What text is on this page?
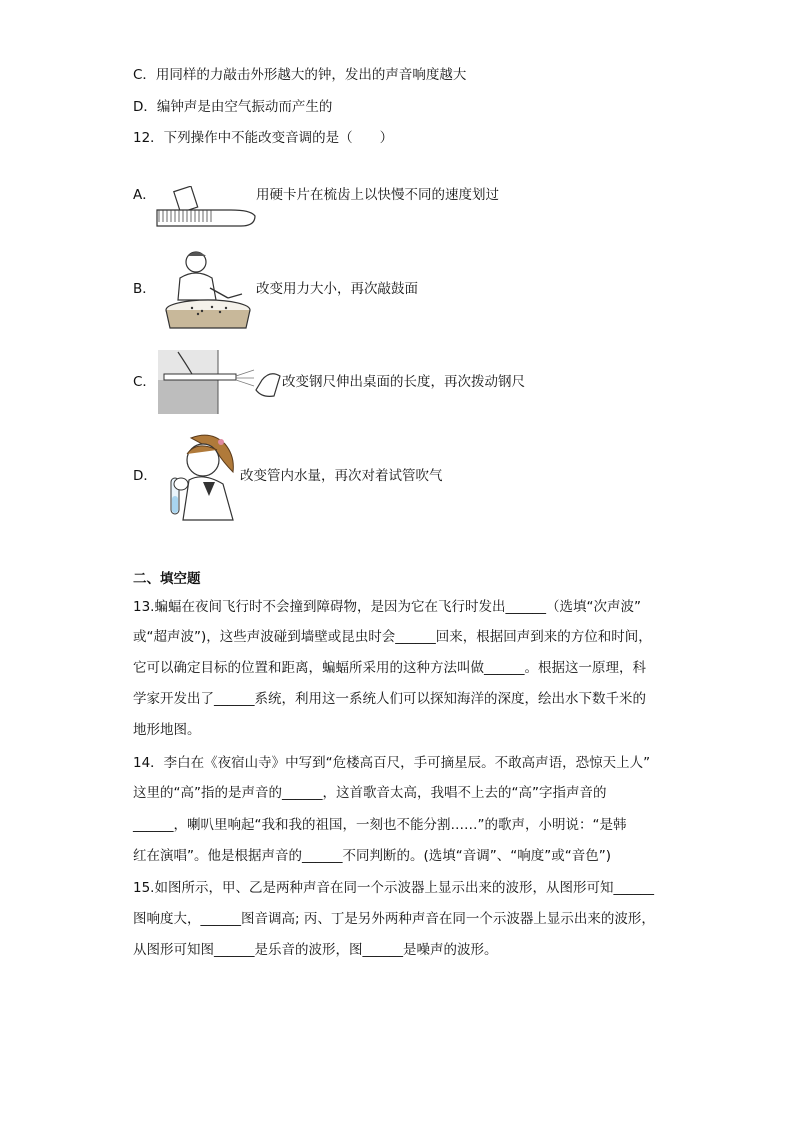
C．用同样的力敲击外形越大的钟，发出的声音响度越大
D．编钟声是由空气振动而产生的
12．下列操作中不能改变音调的是（　　）
A．	用硬卡片在梳齿上以快慢不同的速度划过
B．	改变用力大小，再次敲鼓面
C．	改变钢尺伸出桌面的长度，再次拨动钢尺
D．	改变管内水量，再次对着试管吹气
二、填空题
13.蝙蝠在夜间飞行时不会撞到障碍物，是因为它在飞行时发出______（选填“次声波”
或“超声波”)，这些声波碰到墙壁或昆虫时会______回来，根据回声到来的方位和时间，
它可以确定目标的位置和距离，蝙蝠所采用的这种方法叫做______。根据这一原理，科
学家开发出了______系统，利用这一系统人们可以探知海洋的深度，绘出水下数千米的
地形地图。
14．李白在《夜宿山寺》中写到“危楼高百尺，手可摘星辰。不敢高声语，恐惊天上人”
这里的“高”指的是声音的______，这首歌音太高，我唱不上去的“高”字指声音的
______，喇叭里响起“我和我的祖国，一刻也不能分割……”的歌声，小明说：“是韩
红在演唱”。他是根据声音的______不同判断的。(选填“音调”、“响度”或“音色”)
15.如图所示，甲、乙是两种声音在同一个示波器上显示出来的波形，从图形可知______
图响度大，______图音调高; 丙、丁是另外两种声音在同一个示波器上显示出来的波形，
从图形可知图______是乐音的波形，图______是噪声的波形。
